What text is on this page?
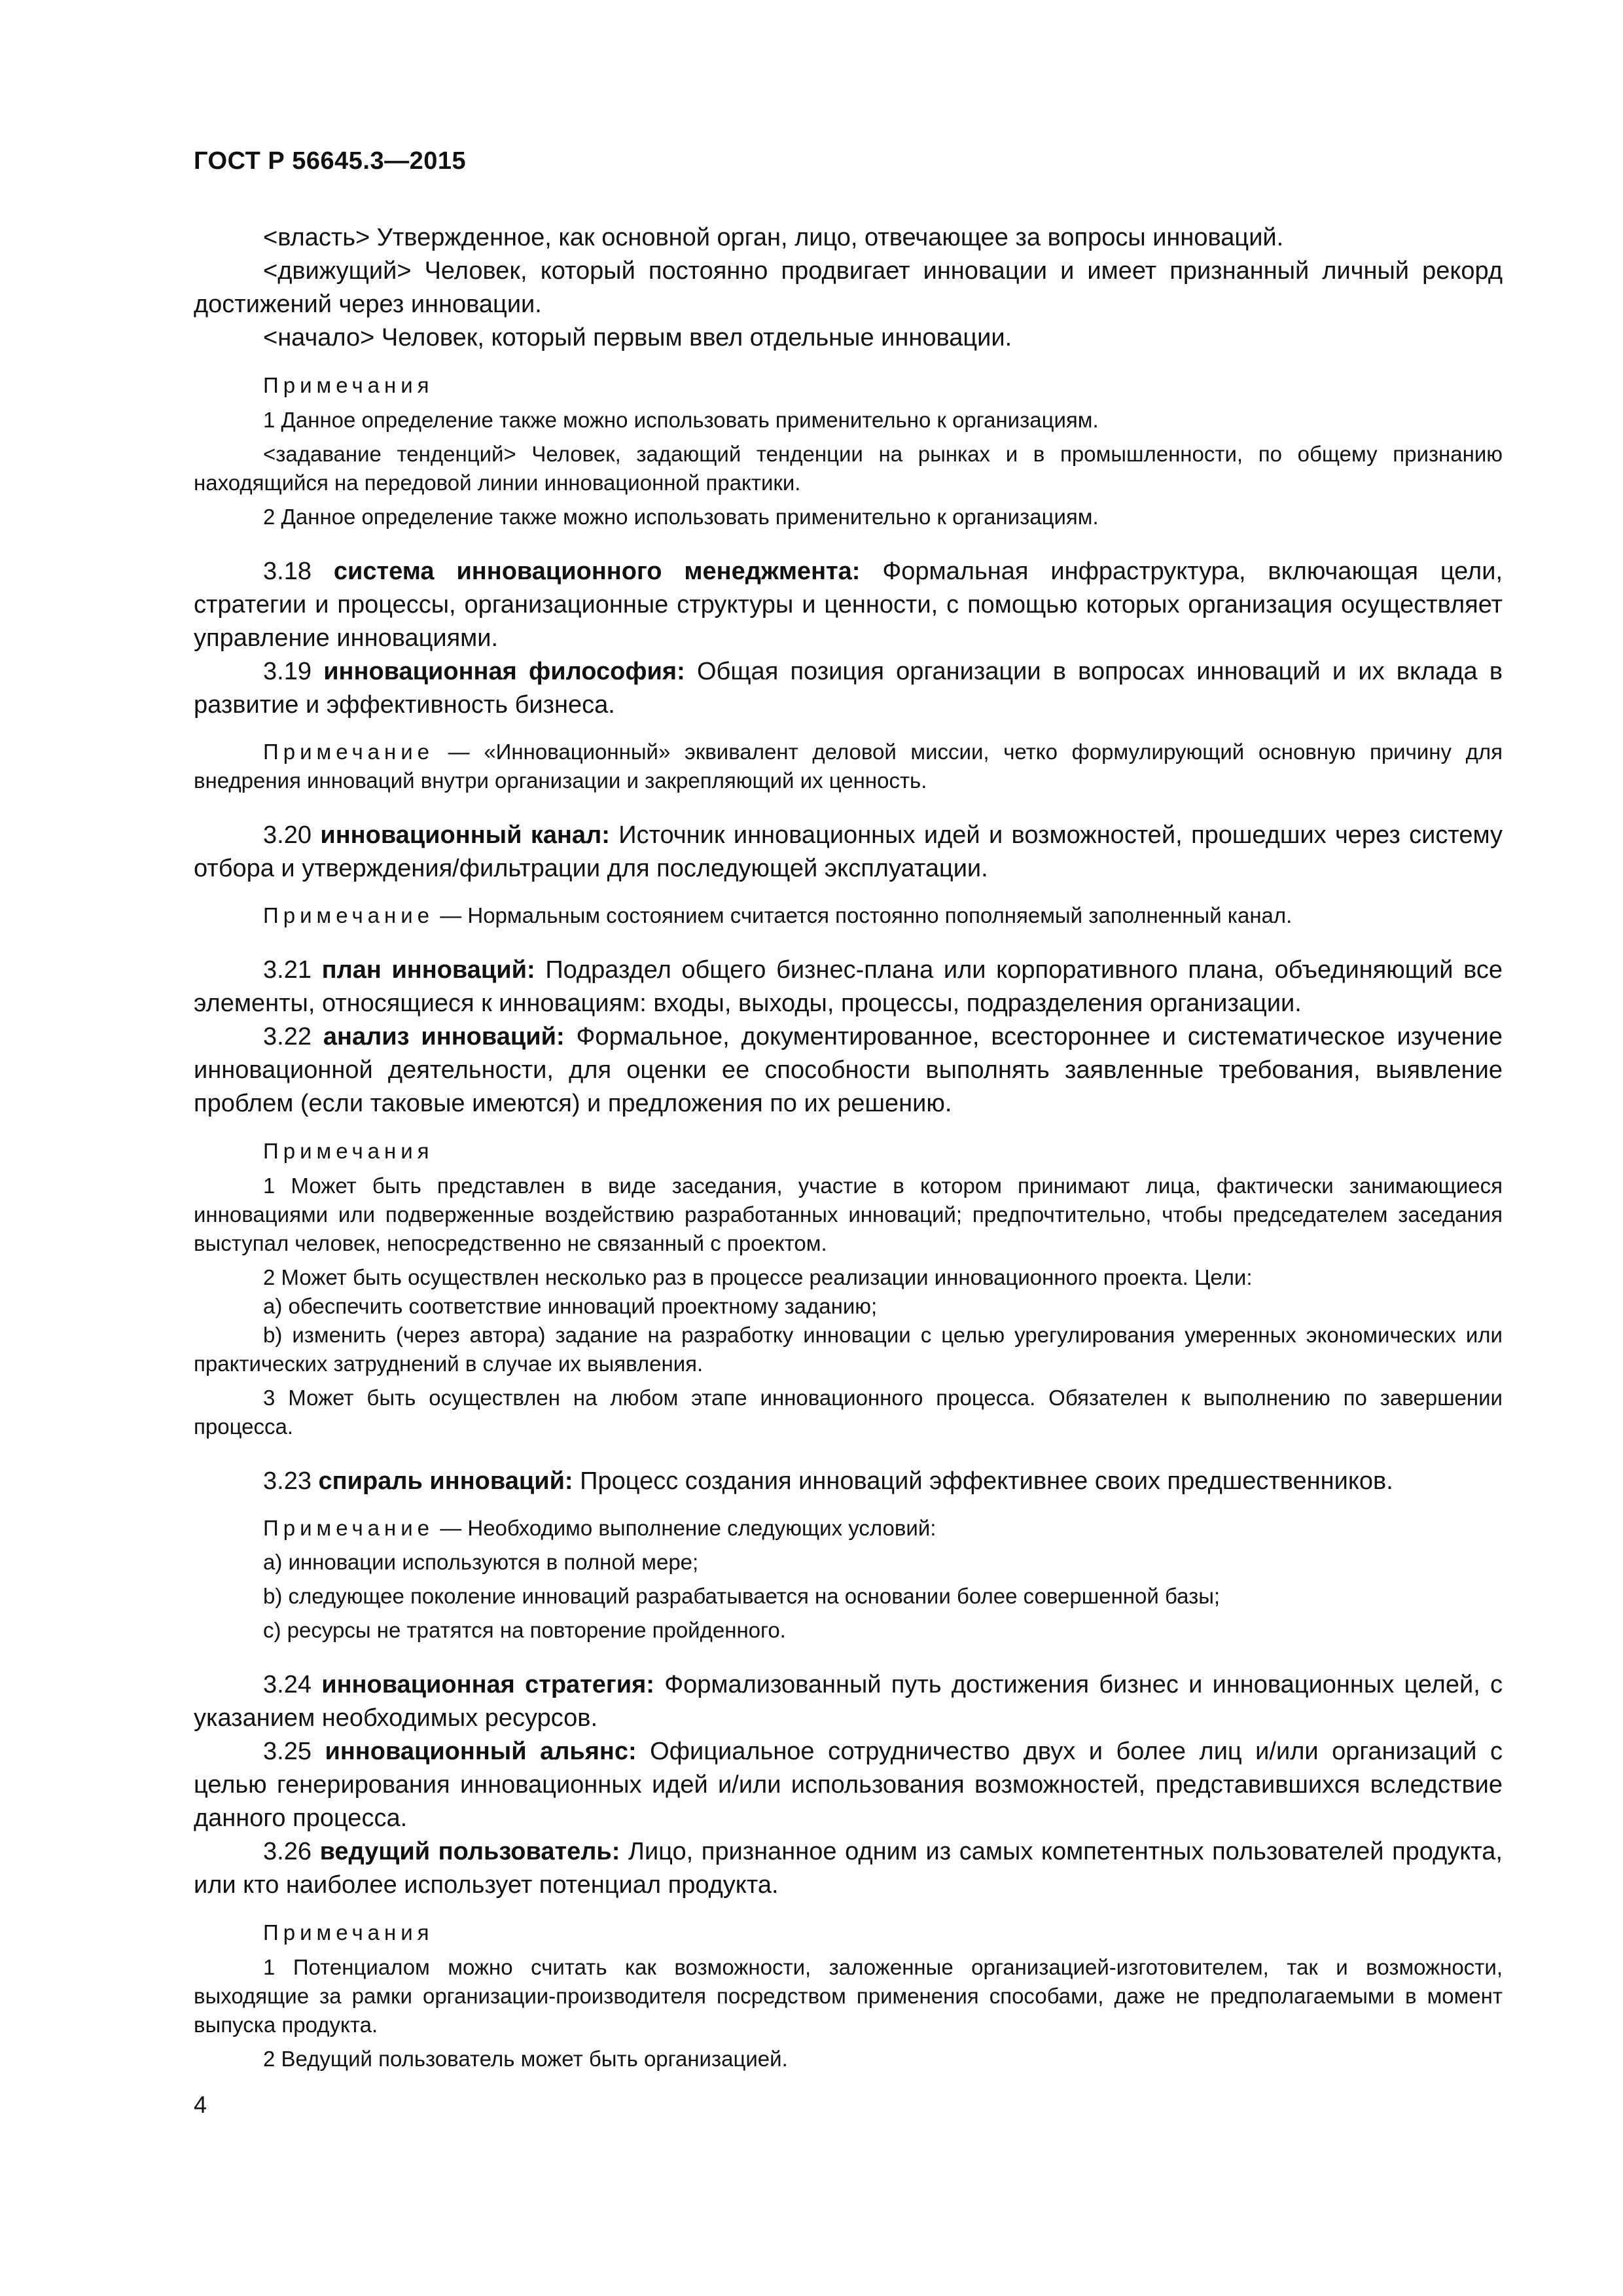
ГОСТ Р 56645.3—2015

<власть> Утвержденное, как основной орган, лицо, отвечающее за вопросы инноваций.

<движущий> Человек, который постоянно продвигает инновации и имеет признанный личный рекорд достижений через инновации.

<начало> Человек, который первым ввел отдельные инновации.

Примечания

1 Данное определение также можно использовать применительно к организациям.

<задавание тенденций> Человек, задающий тенденции на рынках и в промышленности, по общему признанию находящийся на передовой линии инновационной практики.

2 Данное определение также можно использовать применительно к организациям.

3.18 система инновационного менеджмента: Формальная инфраструктура, включающая цели, стратегии и процессы, организационные структуры и ценности, с помощью которых организация осуществляет управление инновациями.

3.19 инновационная философия: Общая позиция организации в вопросах инноваций и их вклада в развитие и эффективность бизнеса.

Примечание — «Инновационный» эквивалент деловой миссии, четко формулирующий основную причину для внедрения инноваций внутри организации и закрепляющий их ценность.

3.20 инновационный канал: Источник инновационных идей и возможностей, прошедших через систему отбора и утверждения/фильтрации для последующей эксплуатации.

Примечание — Нормальным состоянием считается постоянно пополняемый заполненный канал.

3.21 план инноваций: Подраздел общего бизнес-плана или корпоративного плана, объединяющий все элементы, относящиеся к инновациям: входы, выходы, процессы, подразделения организации.

3.22 анализ инноваций: Формальное, документированное, всестороннее и систематическое изучение инновационной деятельности, для оценки ее способности выполнять заявленные требования, выявление проблем (если таковые имеются) и предложения по их решению.

Примечания

1 Может быть представлен в виде заседания, участие в котором принимают лица, фактически занимающиеся инновациями или подверженные воздействию разработанных инноваций; предпочтительно, чтобы председателем заседания выступал человек, непосредственно не связанный с проектом.

2 Может быть осуществлен несколько раз в процессе реализации инновационного проекта. Цели:

a) обеспечить соответствие инноваций проектному заданию;

b) изменить (через автора) задание на разработку инновации с целью урегулирования умеренных экономических или практических затруднений в случае их выявления.

3 Может быть осуществлен на любом этапе инновационного процесса. Обязателен к выполнению по завершении процесса.

3.23 спираль инноваций: Процесс создания инноваций эффективнее своих предшественников.

Примечание — Необходимо выполнение следующих условий:

a) инновации используются в полной мере;

b) следующее поколение инноваций разрабатывается на основании более совершенной базы;

c) ресурсы не тратятся на повторение пройденного.

3.24 инновационная стратегия: Формализованный путь достижения бизнес и инновационных целей, с указанием необходимых ресурсов.

3.25 инновационный альянс: Официальное сотрудничество двух и более лиц и/или организаций с целью генерирования инновационных идей и/или использования возможностей, представившихся вследствие данного процесса.

3.26 ведущий пользователь: Лицо, признанное одним из самых компетентных пользователей продукта, или кто наиболее использует потенциал продукта.

Примечания

1 Потенциалом можно считать как возможности, заложенные организацией-изготовителем, так и возможности, выходящие за рамки организации-производителя посредством применения способами, даже не предполагаемыми в момент выпуска продукта.

2 Ведущий пользователь может быть организацией.

4
